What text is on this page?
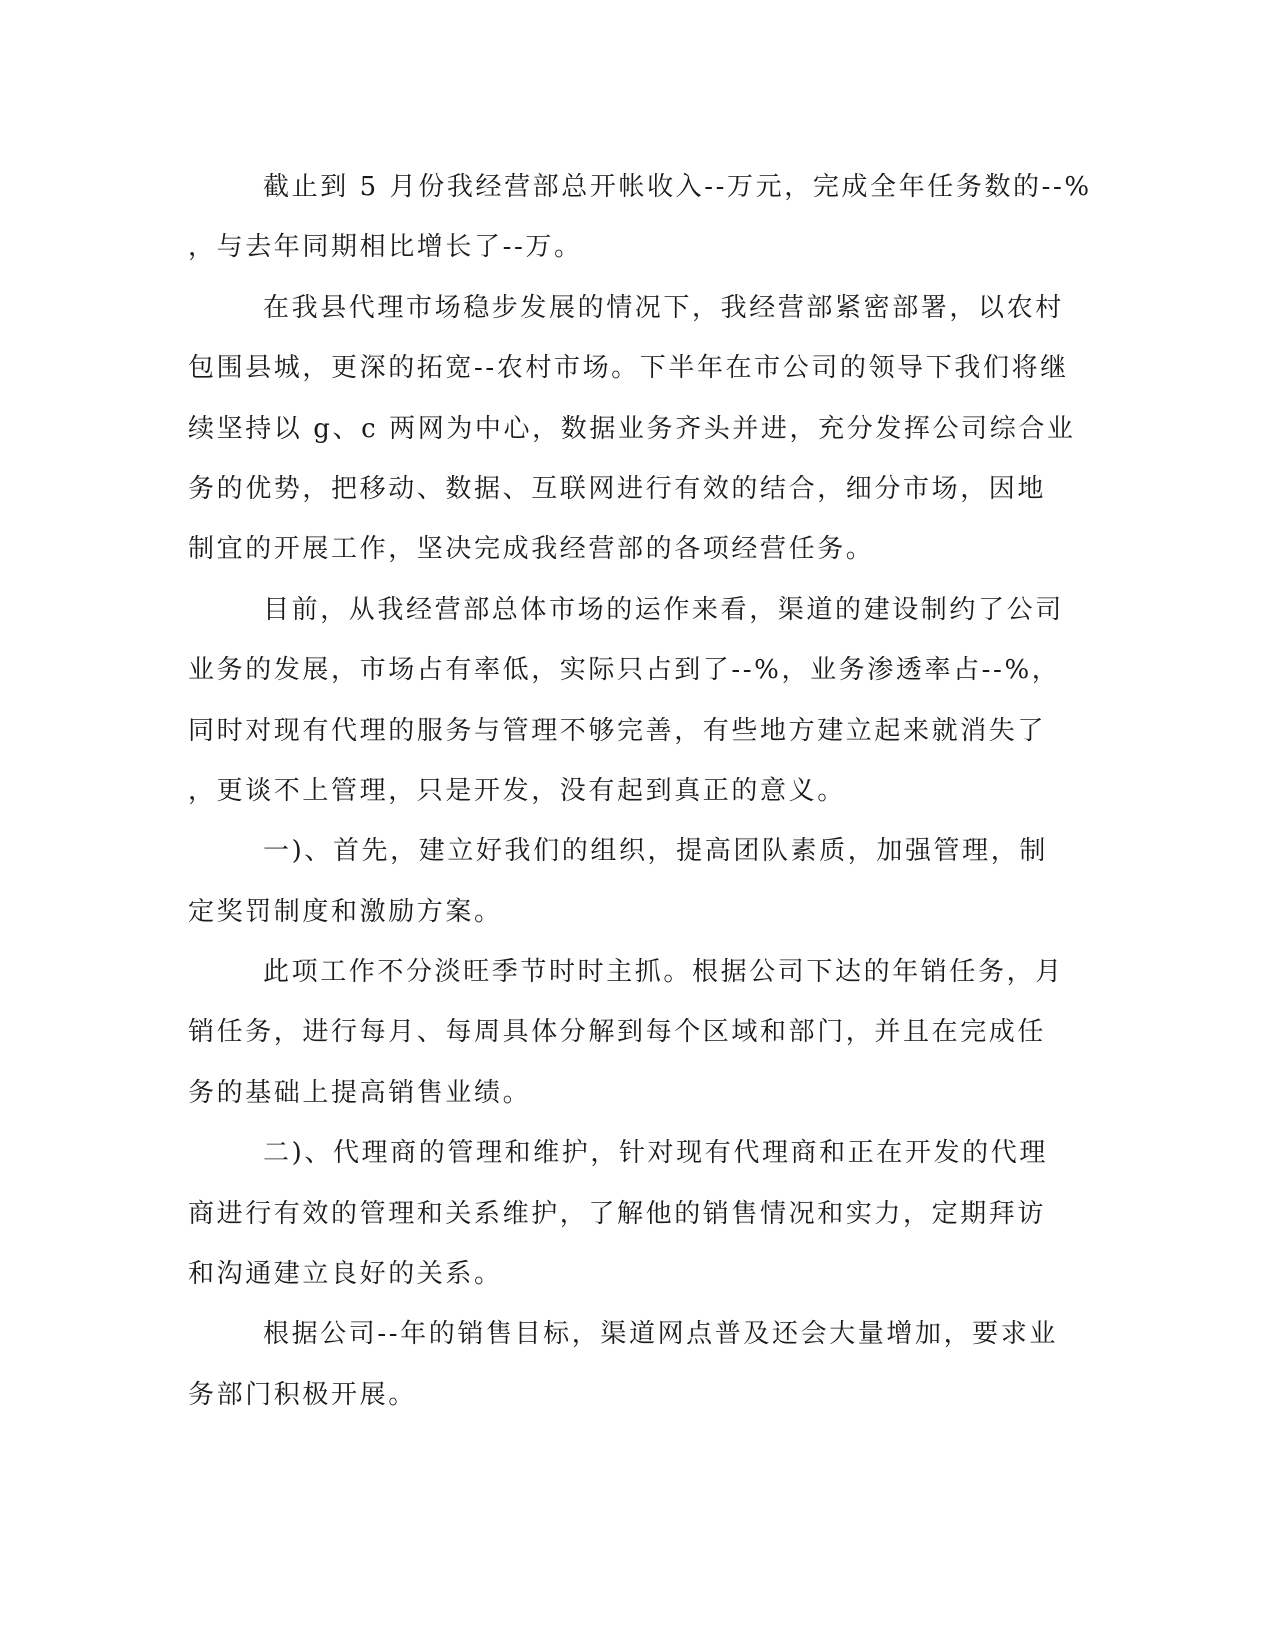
截止到 5 月份我经营部总开帐收入--万元，完成全年任务数的--%
，与去年同期相比增长了--万。
在我县代理市场稳步发展的情况下，我经营部紧密部署，以农村
包围县城，更深的拓宽--农村市场。下半年在市公司的领导下我们将继
续坚持以 g、c 两网为中心，数据业务齐头并进，充分发挥公司综合业
务的优势，把移动、数据、互联网进行有效的结合，细分市场，因地
制宜的开展工作，坚决完成我经营部的各项经营任务。
目前，从我经营部总体市场的运作来看，渠道的建设制约了公司
业务的发展，市场占有率低，实际只占到了--%，业务渗透率占--%，
同时对现有代理的服务与管理不够完善，有些地方建立起来就消失了
，更谈不上管理，只是开发，没有起到真正的意义。
一)、首先，建立好我们的组织，提高团队素质，加强管理，制
定奖罚制度和激励方案。
此项工作不分淡旺季节时时主抓。根据公司下达的年销任务，月
销任务，进行每月、每周具体分解到每个区域和部门，并且在完成任
务的基础上提高销售业绩。
二)、代理商的管理和维护，针对现有代理商和正在开发的代理
商进行有效的管理和关系维护，了解他的销售情况和实力，定期拜访
和沟通建立良好的关系。
根据公司--年的销售目标，渠道网点普及还会大量增加，要求业
务部门积极开展。
